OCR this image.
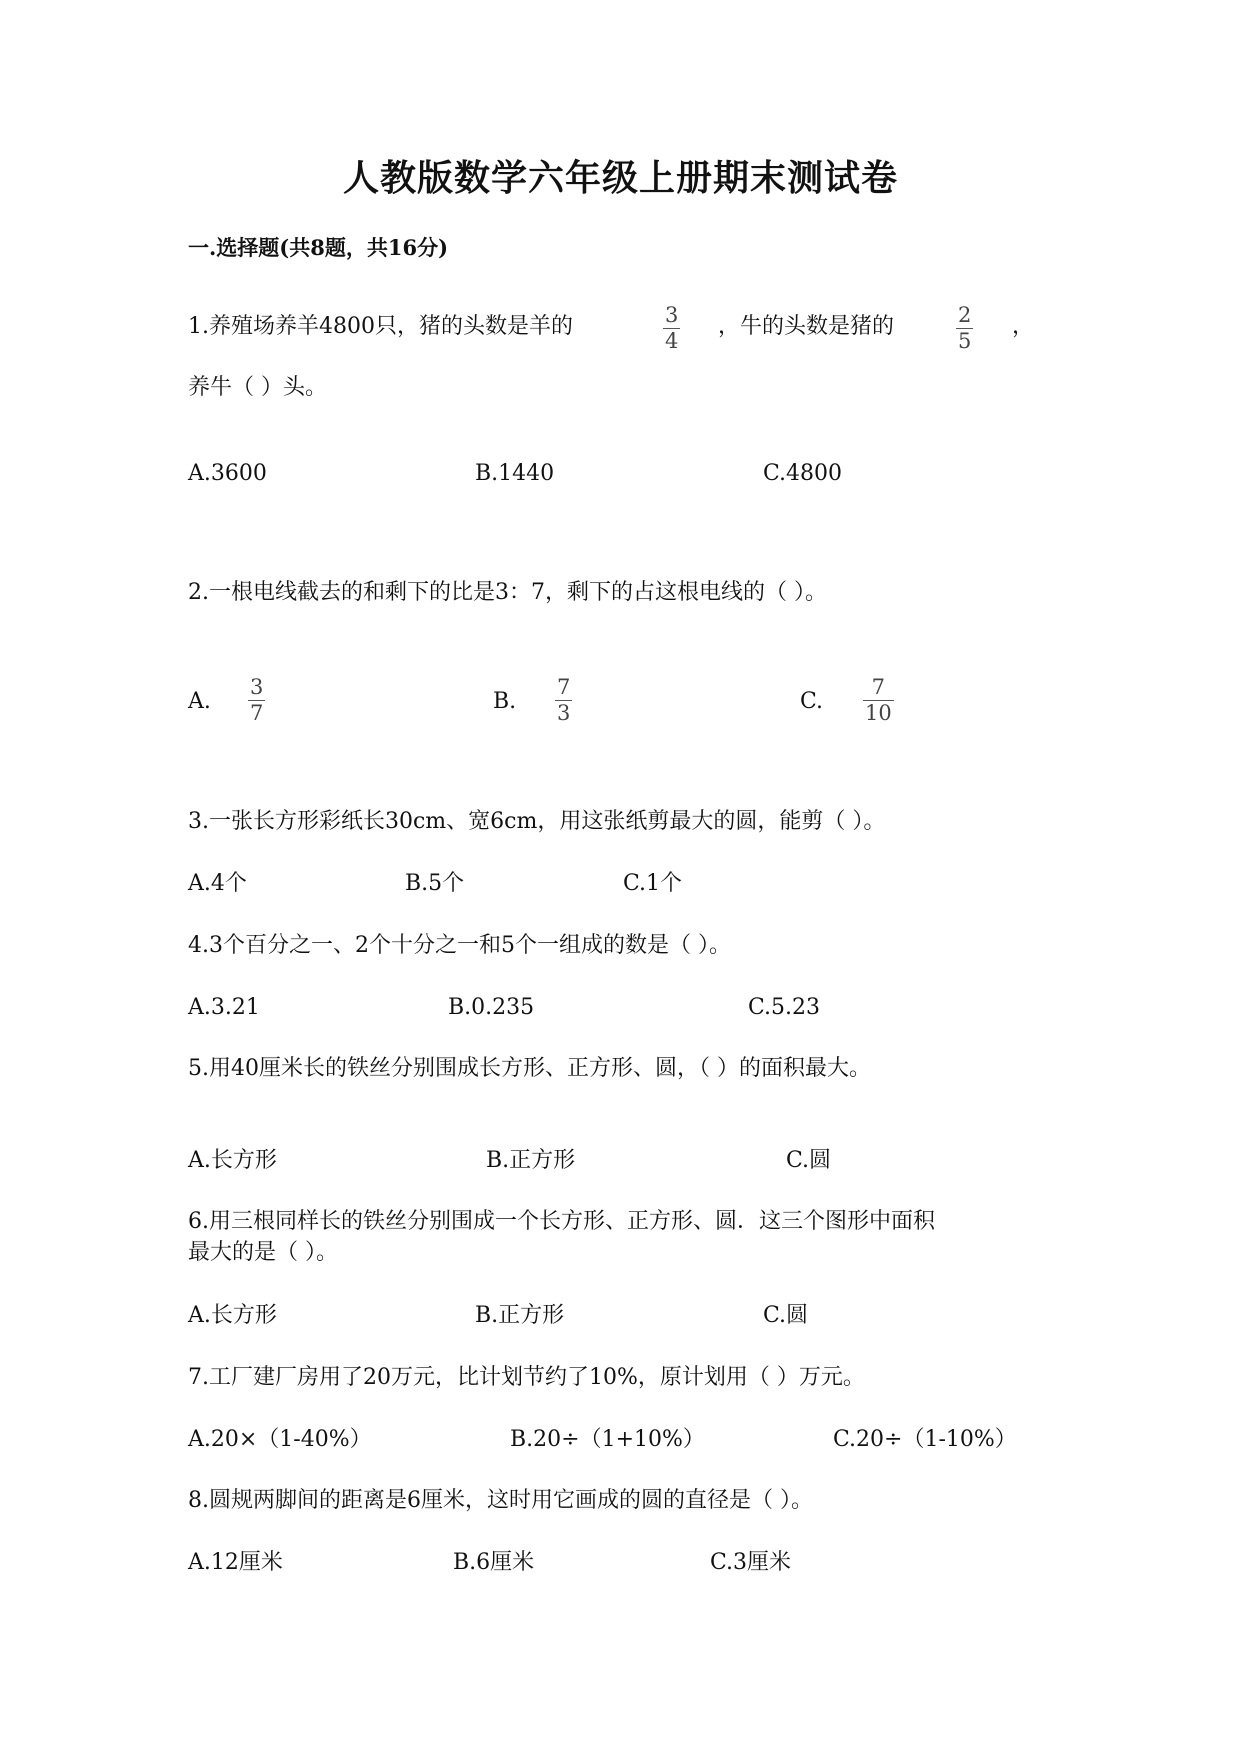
人教版数学六年级上册期末测试卷
一.选择题(共8题，共16分)
1.养殖场养羊4800只，猪的头数是羊的	3
4
，牛的头数是猪的	2
5
，
养牛（ ）头。
A.3600	B.1440	C.4800
2.一根电线截去的和剩下的比是3：7，剩下的占这根电线的（ ）。
A.
3
7	B.
7
3	C.
7
10
3.一张长方形彩纸长30cm、宽6cm，用这张纸剪最大的圆，能剪（ ）。
A.4个	B.5个	C.1个
4.3个百分之一、2个十分之一和5个一组成的数是（ ）。
A.3.21	B.0.235	C.5.23
5.用40厘米长的铁丝分别围成长方形、正方形、圆，（ ）的面积最大。
A.长方形	B.正方形	C.圆
6.用三根同样长的铁丝分别围成一个长方形、正方形、圆．这三个图形中面积
最大的是（ ）。
A.长方形	B.正方形	C.圆
7.工厂建厂房用了20万元，比计划节约了10%，原计划用（ ）万元。
A.20×（1-40%）	B.20÷（1+10%）	C.20÷（1-10%）
8.圆规两脚间的距离是6厘米，这时用它画成的圆的直径是（ ）。
A.12厘米	B.6厘米	C.3厘米
